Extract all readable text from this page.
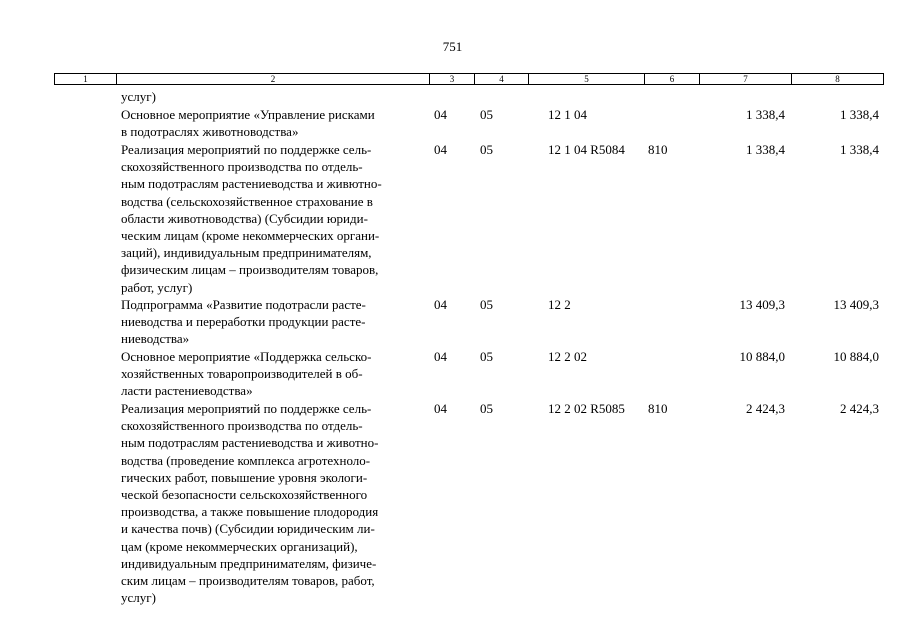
751
1	2	3	4	5	6	7	8
услуг)
Основное мероприятие «Управление рисками
в подотраслях животноводства»
04	05	12 1 04	1 338,4	1 338,4
Реализация мероприятий по поддержке сель-
скохозяйственного производства по отдель-
ным подотраслям растениеводства и живютно-
водства (сельскохозяйственное страхование в
области животноводства) (Субсидии юриди-
ческим лицам (кроме некоммерческих органи-
заций), индивидуальным предпринимателям,
физическим лицам – производителям товаров,
работ, услуг)
04	05	12 1 04 R5084 810	1 338,4	1 338,4
Подпрограмма «Развитие подотрасли расте-
ниеводства и переработки продукции расте-
ниеводства»
04	05	12 2	13 409,3	13 409,3
Основное мероприятие «Поддержка сельско-
хозяйственных товаропроизводителей в об-
ласти растениеводства»
04	05	12 2 02	10 884,0	10 884,0
Реализация мероприятий по поддержке сель-
скохозяйственного производства по отдель-
ным подотраслям растениеводства и животно-
водства (проведение комплекса агротехноло-
гических работ, повышение уровня экологи-
ческой безопасности сельскохозяйственного
производства, а также повышение плодородия
и качества почв) (Субсидии юридическим ли-
цам (кроме некоммерческих организаций),
индивидуальным предпринимателям, физиче-
ским лицам – производителям товаров, работ,
услуг)
04	05	12 2 02 R5085 810	2 424,3	2 424,3
